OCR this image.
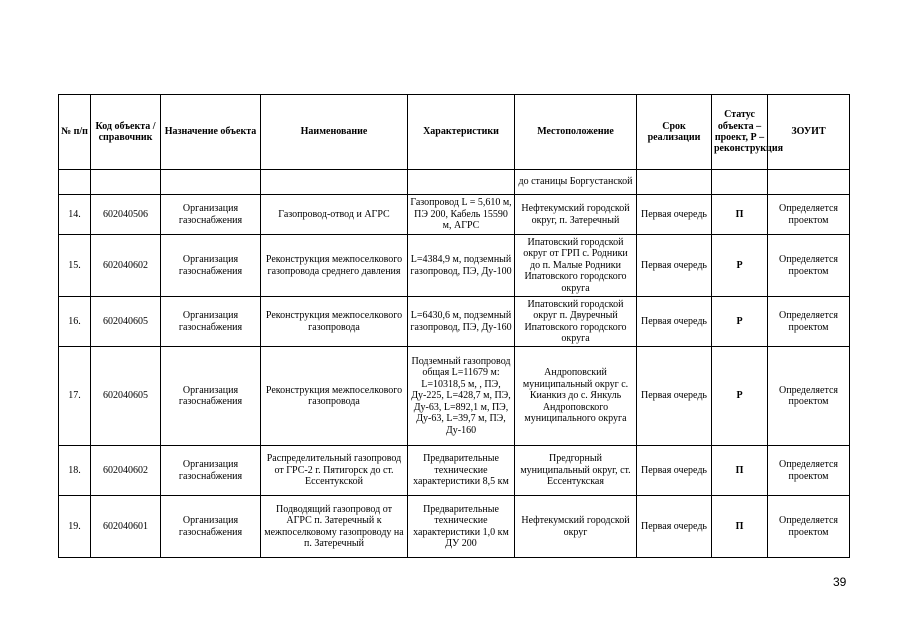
№ п/п	Код объекта / справочник	Назначение объекта	Наименование	Характеристики	Местоположение	Срок реализации	Статус объекта – проект, Р – реконструкция	ЗОУИТ
					до станицы Боргустанской			
14.	602040506	Организация газоснабжения	Газопровод-отвод и АГРС	Газопровод L = 5,610 м, ПЭ 200, Кабель 15590 м, АГРС	Нефтекумский городской округ, п. Затеречный	Первая очередь	П	Определяется проектом
15.	602040602	Организация газоснабжения	Реконструкция межпоселкового газопровода среднего давления	L=4384,9 м, подземный газопровод, ПЭ, Ду-100	Ипатовский городской округ от ГРП с. Родники до п. Малые Родники Ипатовского городского округа	Первая очередь	Р	Определяется проектом
16.	602040605	Организация газоснабжения	Реконструкция межпоселкового газопровода	L=6430,6 м, подземный газопровод, ПЭ, Ду-160	Ипатовский городской округ п. Двуречный Ипатовского городского округа	Первая очередь	Р	Определяется проектом
17.	602040605	Организация газоснабжения	Реконструкция межпоселкового газопровода	Подземный газопровод общая L=11679 м: L=10318,5 м, , ПЭ, Ду-225, L=428,7 м, ПЭ, Ду-63, L=892,1 м, ПЭ, Ду-63, L=39,7 м, ПЭ, Ду-160	Андроповский муниципальный округ с. Кианкиз до с. Янкуль Андроповского муниципального округа	Первая очередь	Р	Определяется проектом
18.	602040602	Организация газоснабжения	Распределительный газопровод от ГРС-2 г. Пятигорск до ст. Ессентукской	Предварительные технические характеристики 8,5 км	Предгорный муниципальный округ, ст. Ессентукская	Первая очередь	П	Определяется проектом
19.	602040601	Организация газоснабжения	Подводящий газопровод от АГРС п. Затеречный к межпоселковому газопроводу на п. Затеречный	Предварительные технические характеристики 1,0 км ДУ 200	Нефтекумский городской округ	Первая очередь	П	Определяется проектом
39
